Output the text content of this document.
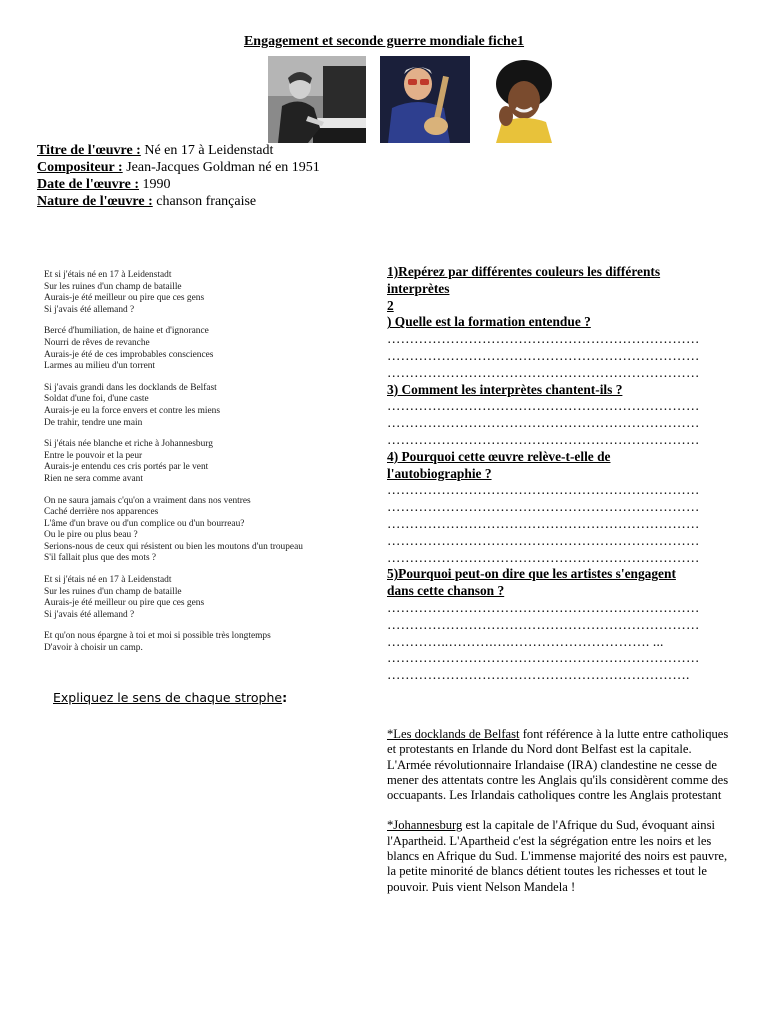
Engagement et seconde guerre mondiale fiche1
Titre de l'œuvre : Né en 17 à Leidenstadt
Compositeur : Jean-Jacques Goldman né en 1951
Date de l'œuvre : 1990
Nature de l'œuvre : chanson française
Et si j'étais né en 17 à Leidenstadt
Sur les ruines d'un champ de bataille
Aurais-je été meilleur ou pire que ces gens
Si j'avais été allemand ?
Bercé d'humiliation, de haine et d'ignorance
Nourri de rêves de revanche
Aurais-je été de ces improbables consciences
Larmes au milieu d'un torrent
Si j'avais grandi dans les docklands de Belfast
Soldat d'une foi, d'une caste
Aurais-je eu la force envers et contre les miens
De trahir, tendre une main
Si j'étais née blanche et riche à Johannesburg
Entre le pouvoir et la peur
Aurais-je entendu ces cris portés par le vent
Rien ne sera comme avant
On ne saura jamais c'qu'on a vraiment dans nos ventres
Caché derrière nos apparences
L'âme d'un brave ou d'un complice ou d'un bourreau?
Ou le pire ou plus beau ?
Serions-nous de ceux qui résistent ou bien les moutons d'un troupeau
S'il fallait plus que des mots ?
Et si j'étais né en 17 à Leidenstadt
Sur les ruines d'un champ de bataille
Aurais-je été meilleur ou pire que ces gens
Si j'avais été allemand ?
Et qu'on nous épargne à toi et moi si possible très longtemps
D'avoir à choisir un camp.
Expliquez le sens de chaque strophe:
1)Repérez par différentes couleurs les différents
interprètes
2
) Quelle est la formation entendue ?
……………………………………………………………
……………………………………………………………
……………………………………………………………
3) Comment les interprètes chantent-ils ?
……………………………………………………………
……………………………………………………………
……………………………………………………………
4) Pourquoi cette œuvre relève-t-elle de
l'autobiographie ?
……………………………………………………………
……………………………………………………………
……………………………………………………………
……………………………………………………………
……………………………………………………………
5)Pourquoi peut-on dire que les artistes s'engagent
dans cette chanson ?
……………………………………………………………
……………………………………………………………
…………..……….….…………………………. ...
……………………………………………………………
………………………………………………………….

*Les docklands de Belfast font référence à la lutte entre catholiques et protestants en Irlande du Nord dont Belfast est la capitale. L'Armée révolutionnaire Irlandaise (IRA) clandestine ne cesse de mener des attentats contre les Anglais qu'ils considèrent comme des occuapants. Les Irlandais catholiques contre les Anglais protestant

*Johannesburg est la capitale de l'Afrique du Sud, évoquant ainsi l'Apartheid. L'Apartheid c'est la ségrégation entre les noirs et les blancs en Afrique du Sud. L'immense majorité des noirs est pauvre, la petite minorité de blancs détient toutes les richesses et tout le pouvoir. Puis vient Nelson Mandela !
